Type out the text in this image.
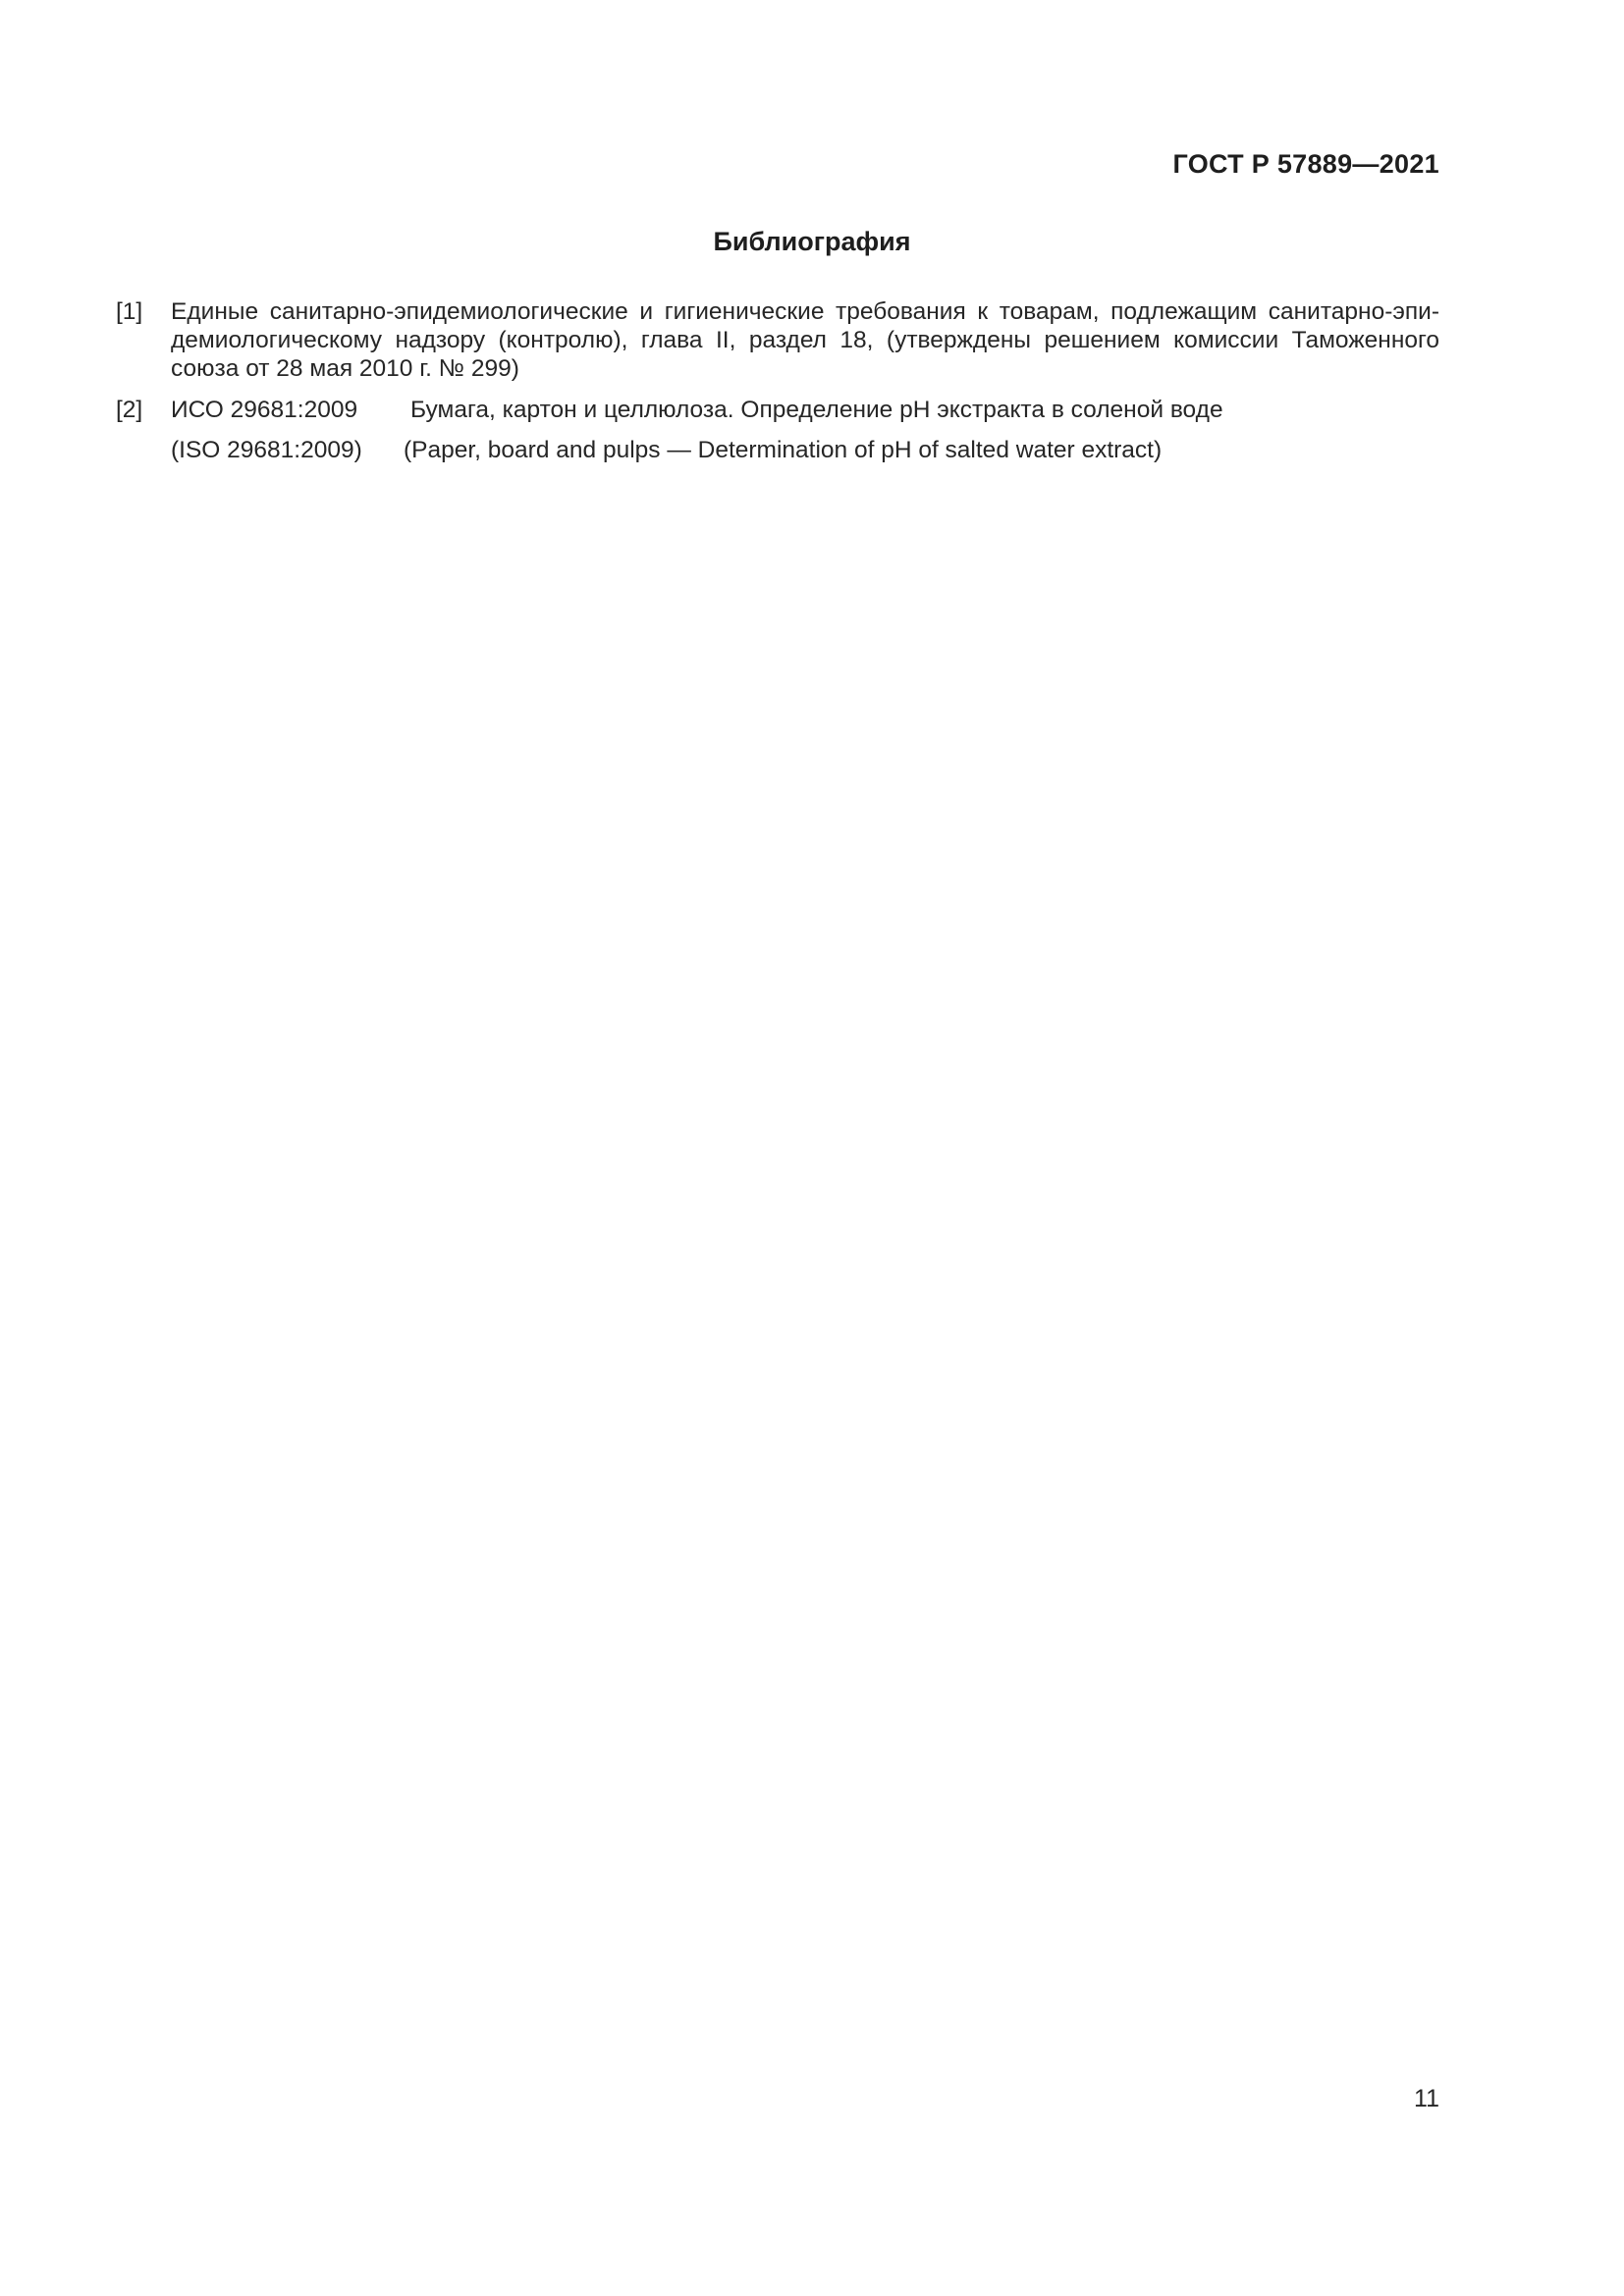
ГОСТ Р 57889—2021
Библиография
[1] Единые санитарно-эпидемиологические и гигиенические требования к товарам, подлежащим санитарно-эпидемиологическому надзору (контролю), глава II, раздел 18, (утверждены решением комиссии Таможенного союза от 28 мая 2010 г. № 299)
[2] ИСО 29681:2009	Бумага, картон и целлюлоза. Определение рН экстракта в соленой воде
(ISO 29681:2009)	(Paper, board and pulps — Determination of pH of salted water extract)
11
